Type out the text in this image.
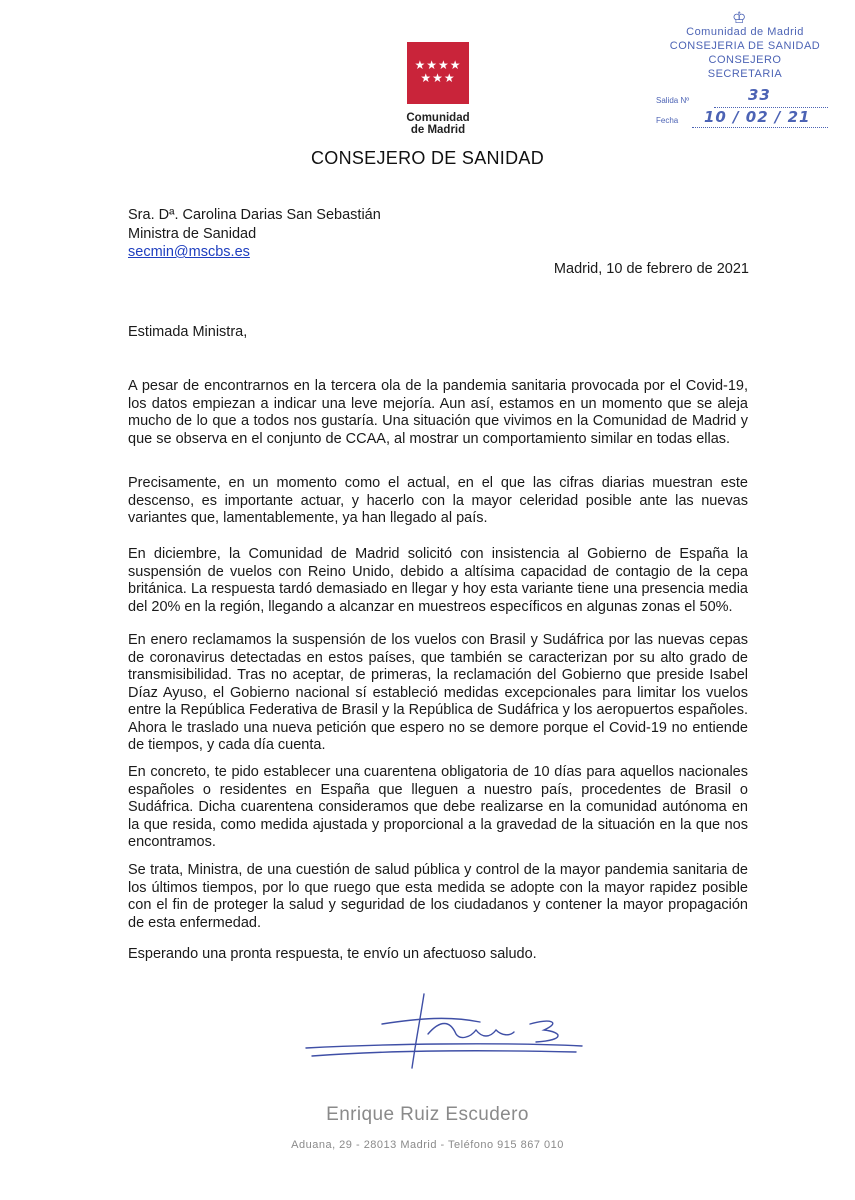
★★★★
★★★
Comunidad
de Madrid
♔
Comunidad de Madrid
CONSEJERIA DE SANIDAD
CONSEJERO
SECRETARIA
Salida Nº	33
Fecha 10 / 02 / 21
CONSEJERO DE SANIDAD
Sra. Dª. Carolina Darias San Sebastián
Ministra de Sanidad
secmin@mscbs.es
Madrid, 10 de febrero de 2021
Estimada Ministra,

A pesar de encontrarnos en la tercera ola de la pandemia sanitaria provocada por el Covid-19, los datos empiezan a indicar una leve mejoría. Aun así, estamos en un momento que se aleja mucho de lo que a todos nos gustaría. Una situación que vivimos en la Comunidad de Madrid y que se observa en el conjunto de CCAA, al mostrar un comportamiento similar en todas ellas.

Precisamente, en un momento como el actual, en el que las cifras diarias muestran este descenso, es importante actuar, y hacerlo con la mayor celeridad posible ante las nuevas variantes que, lamentablemente, ya han llegado al país.

En diciembre, la Comunidad de Madrid solicitó con insistencia al Gobierno de España la suspensión de vuelos con Reino Unido, debido a altísima capacidad de contagio de la cepa británica. La respuesta tardó demasiado en llegar y hoy esta variante tiene una presencia media del 20% en la región, llegando a alcanzar en muestreos específicos en algunas zonas el 50%.

En enero reclamamos la suspensión de los vuelos con Brasil y Sudáfrica por las nuevas cepas de coronavirus detectadas en estos países, que también se caracterizan por su alto grado de transmisibilidad. Tras no aceptar, de primeras, la reclamación del Gobierno que preside Isabel Díaz Ayuso, el Gobierno nacional sí estableció medidas excepcionales para limitar los vuelos entre la República Federativa de Brasil y la República de Sudáfrica y los aeropuertos españoles. Ahora le traslado una nueva petición que espero no se demore porque el Covid-19 no entiende de tiempos, y cada día cuenta.

En concreto, te pido establecer una cuarentena obligatoria de 10 días para aquellos nacionales españoles o residentes en España que lleguen a nuestro país, procedentes de Brasil o Sudáfrica. Dicha cuarentena consideramos que debe realizarse en la comunidad autónoma en la que resida, como medida ajustada y proporcional a la gravedad de la situación en la que nos encontramos.

Se trata, Ministra, de una cuestión de salud pública y control de la mayor pandemia sanitaria de los últimos tiempos, por lo que ruego que esta medida se adopte con la mayor rapidez posible con el fin de proteger la salud y seguridad de los ciudadanos y contener la mayor propagación de esta enfermedad.

Esperando una pronta respuesta, te envío un afectuoso saludo.

Enrique Ruiz Escudero
Aduana, 29 - 28013 Madrid - Teléfono 915 867 010
